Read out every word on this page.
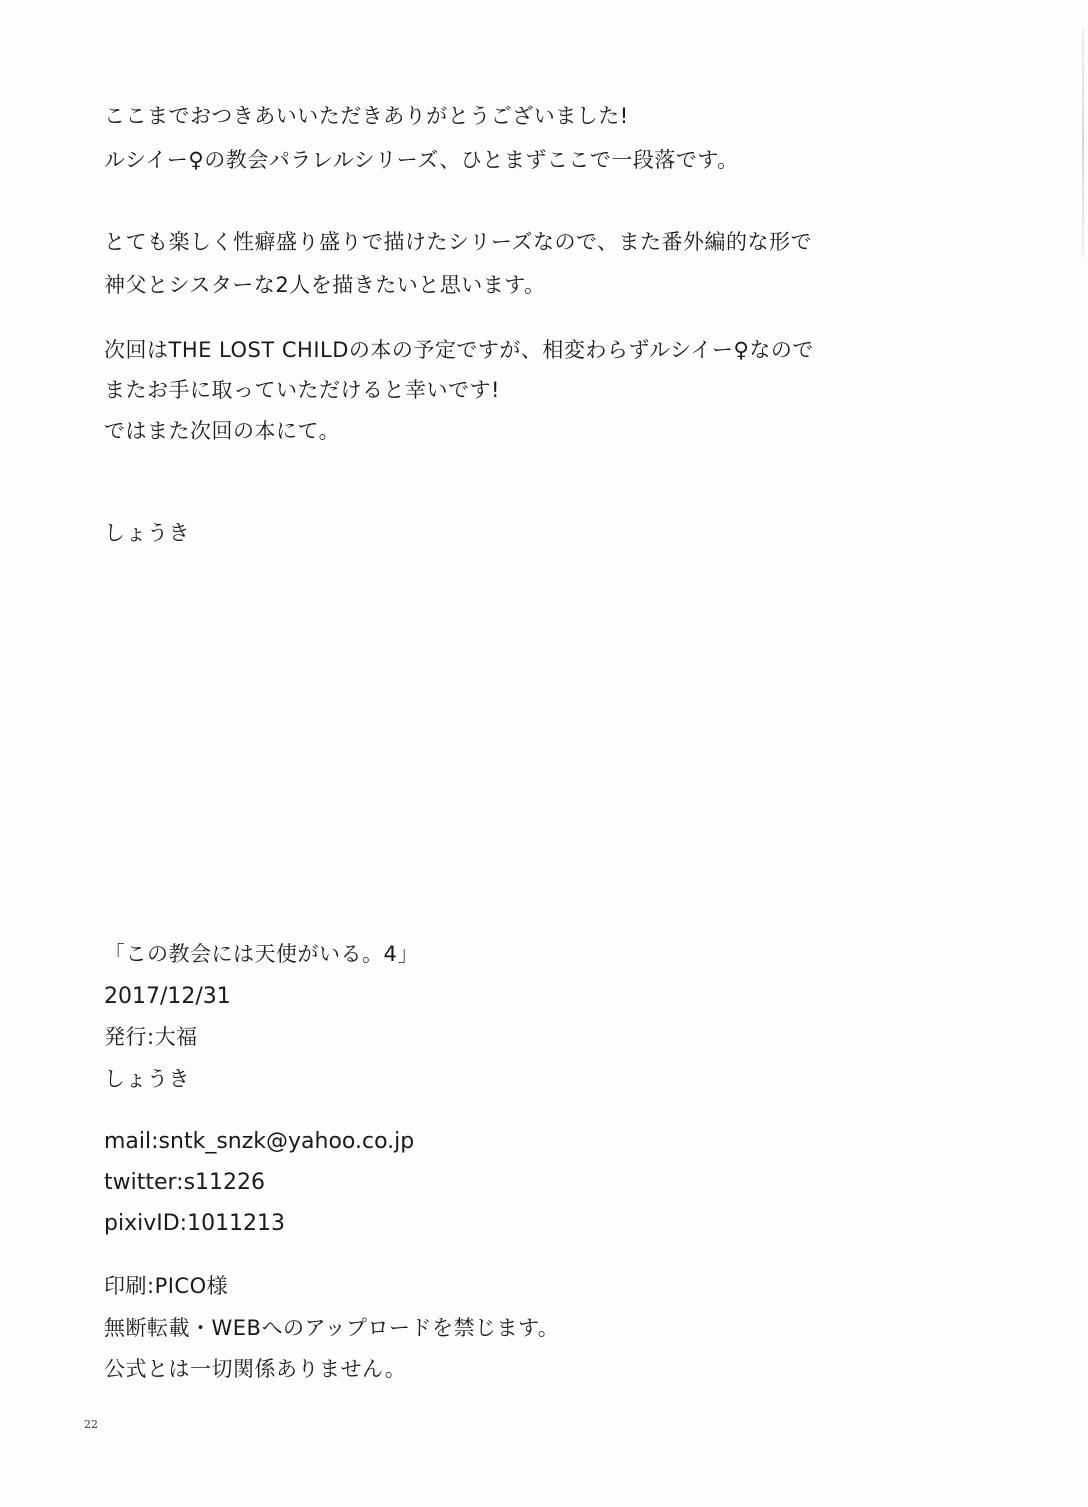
ここまでおつきあいいただきありがとうございました!

ルシイー♀の教会パラレルシリーズ、ひとまずここで一段落です。

とても楽しく性癖盛り盛りで描けたシリーズなので、また番外編的な形で

神父とシスターな2人を描きたいと思います。

次回はTHE LOST CHILDの本の予定ですが、相変わらずルシイー♀なので

またお手に取っていただけると幸いです!

ではまた次回の本にて。

しょうき

「この教会には天使がいる。4」

2017/12/31

発行:大福

しょうき

mail:sntk_snzk@yahoo.co.jp

twitter:s11226

pixivID:1011213

印刷:PICO様

無断転載・WEBへのアップロードを禁じます。

公式とは一切関係ありません。

22
